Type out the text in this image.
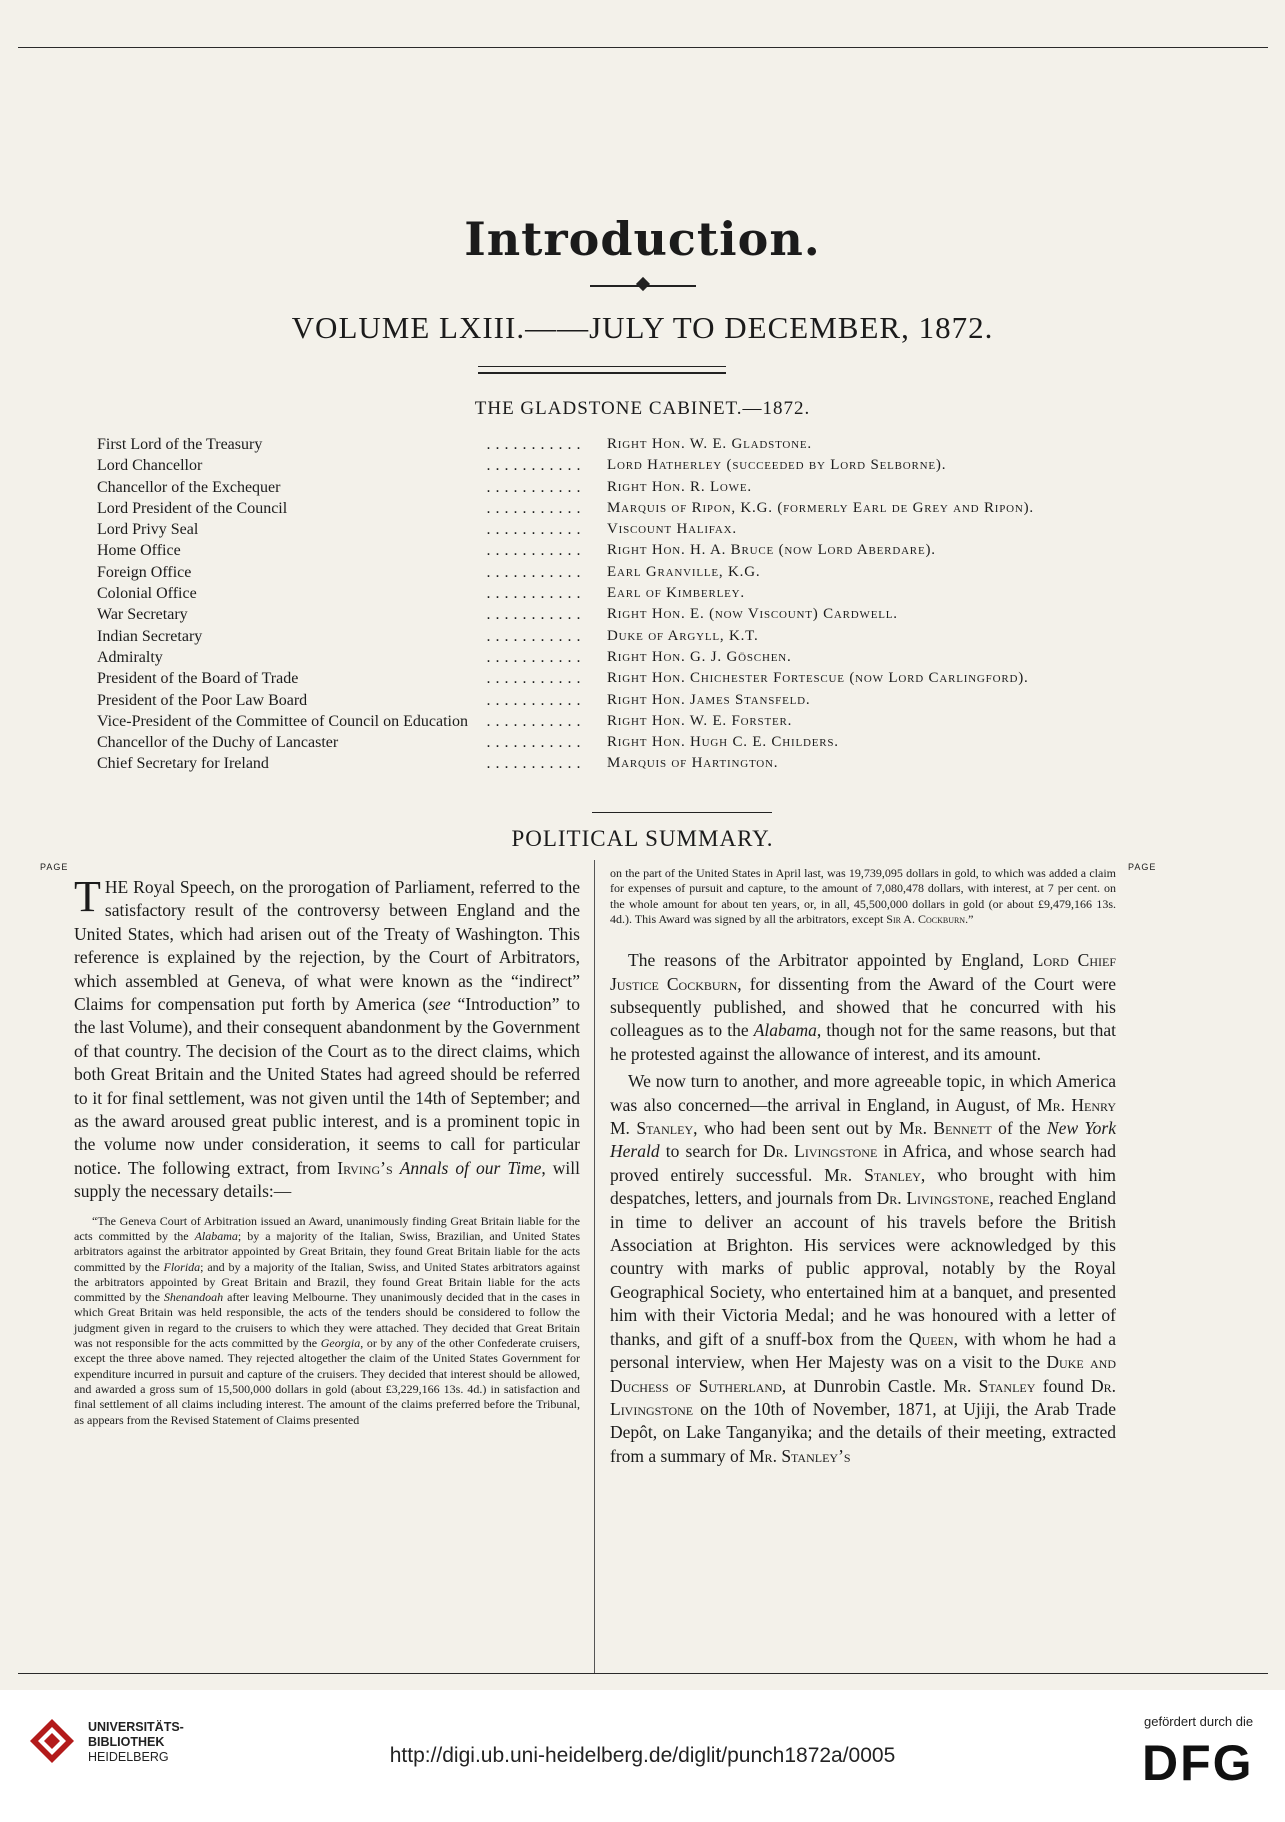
Introduction.
VOLUME LXIII.——JULY TO DECEMBER, 1872.
THE GLADSTONE CABINET.—1872.
. . . . . . . . . . .
First Lord of the Treasury	Right Hon. W. E. Gladstone.
. . . . . . . . . . .
Lord Chancellor	Lord Hatherley (succeeded by Lord Selborne).
. . . . . . . . . . .
Chancellor of the Exchequer	Right Hon. R. Lowe.
. . . . . . . . . . .
Lord President of the Council	Marquis of Ripon, K.G. (formerly Earl de Grey and Ripon).
. . . . . . . . . . .
Lord Privy Seal	Viscount Halifax.
. . . . . . . . . . .
Home Office	Right Hon. H. A. Bruce (now Lord Aberdare).
. . . . . . . . . . .
Foreign Office	Earl Granville, K.G.
. . . . . . . . . . .
Colonial Office	Earl of Kimberley.
. . . . . . . . . . .
War Secretary	Right Hon. E. (now Viscount) Cardwell.
. . . . . . . . . . .
Indian Secretary	Duke of Argyll, K.T.
. . . . . . . . . . .
Admiralty	Right Hon. G. J. Göschen.
. . . . . . . . . . .
President of the Board of Trade	Right Hon. Chichester Fortescue (now Lord Carlingford).
. . . . . . . . . . .
President of the Poor Law Board	Right Hon. James Stansfeld.
. . . . . . . . . . .
Vice-President of the Committee of Council on Education	Right Hon. W. E. Forster.
. . . . . . . . . . .
Chancellor of the Duchy of Lancaster	Right Hon. Hugh C. E. Childers.
. . . . . . . . . . .
Chief Secretary for Ireland	Marquis of Hartington.
POLITICAL SUMMARY.
PAGE	PAGE

THE Royal Speech, on the prorogation of Parliament, referred to the satisfactory result of the controversy between England and the United States, which had arisen out of the Treaty of Washington. This reference is explained by the rejection, by the Court of Arbitrators, which assembled at Geneva, of what were known as the “indirect” Claims for compensation put forth by America (see “Introduction” to the last Volume), and their consequent abandonment by the Government of that country. The decision of the Court as to the direct claims, which both Great Britain and the United States had agreed should be referred to it for final settlement, was not given until the 14th of September; and as the award aroused great public interest, and is a prominent topic in the volume now under consideration, it seems to call for particular notice. The following extract, from Irving’s Annals of our Time, will supply the necessary details:—

“The Geneva Court of Arbitration issued an Award, unanimously finding Great Britain liable for the acts committed by the Alabama; by a majority of the Italian, Swiss, Brazilian, and United States arbitrators against the arbitrator appointed by Great Britain, they found Great Britain liable for the acts committed by the Florida; and by a majority of the Italian, Swiss, and United States arbitrators against the arbitrators appointed by Great Britain and Brazil, they found Great Britain liable for the acts committed by the Shenandoah after leaving Melbourne. They unanimously decided that in the cases in which Great Britain was held responsible, the acts of the tenders should be considered to follow the judgment given in regard to the cruisers to which they were attached. They decided that Great Britain was not responsible for the acts committed by the Georgia, or by any of the other Confederate cruisers, except the three above named. They rejected altogether the claim of the United States Government for expenditure incurred in pursuit and capture of the cruisers. They decided that interest should be allowed, and awarded a gross sum of 15,500,000 dollars in gold (about £3,229,166 13s. 4d.) in satisfaction and final settlement of all claims including interest. The amount of the claims preferred before the Tribunal, as appears from the Revised Statement of Claims presented

on the part of the United States in April last, was 19,739,095 dollars in gold, to which was added a claim for expenses of pursuit and capture, to the amount of 7,080,478 dollars, with interest, at 7 per cent. on the whole amount for about ten years, or, in all, 45,500,000 dollars in gold (or about £9,479,166 13s. 4d.). This Award was signed by all the arbitrators, except Sir A. Cockburn.”

The reasons of the Arbitrator appointed by England, Lord Chief Justice Cockburn, for dissenting from the Award of the Court were subsequently published, and showed that he concurred with his colleagues as to the Alabama, though not for the same reasons, but that he protested against the allowance of interest, and its amount.

We now turn to another, and more agreeable topic, in which America was also concerned—the arrival in England, in August, of Mr. Henry M. Stanley, who had been sent out by Mr. Bennett of the New York Herald to search for Dr. Livingstone in Africa, and whose search had proved entirely successful. Mr. Stanley, who brought with him despatches, letters, and journals from Dr. Livingstone, reached England in time to deliver an account of his travels before the British Association at Brighton. His services were acknowledged by this country with marks of public approval, notably by the Royal Geographical Society, who entertained him at a banquet, and presented him with their Victoria Medal; and he was honoured with a letter of thanks, and gift of a snuff-box from the Queen, with whom he had a personal interview, when Her Majesty was on a visit to the Duke and Duchess of Sutherland, at Dunrobin Castle. Mr. Stanley found Dr. Livingstone on the 10th of November, 1871, at Ujiji, the Arab Trade Depôt, on Lake Tanganyika; and the details of their meeting, extracted from a summary of Mr. Stanley’s

UNIVERSITÄTS-
BIBLIOTHEK
HEIDELBERG	http://digi.ub.uni-heidelberg.de/diglit/punch1872a/0005
gefördert durch die
DFG
